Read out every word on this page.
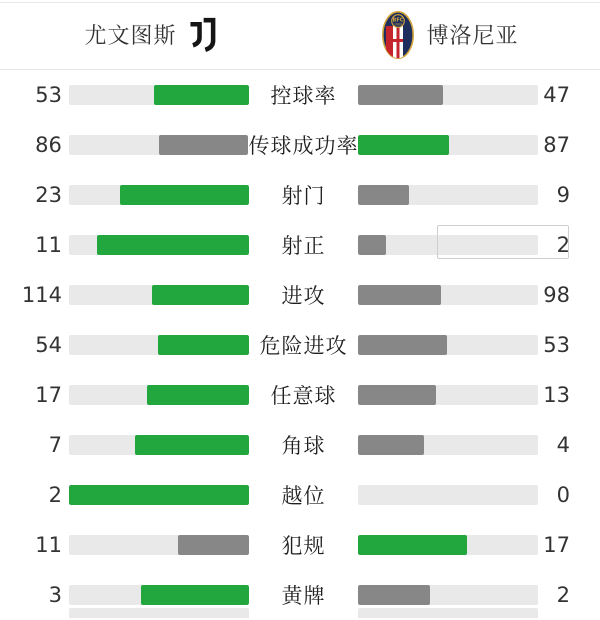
尤文图斯
BFC
1909 博洛尼亚
53	控球率	47
86	传球成功率	87
23	射门	9
11	射正	2
114	进攻	98
54	危险进攻	53
17	任意球	13
7	角球	4
2	越位	0
11	犯规	17
3	黄牌	2
